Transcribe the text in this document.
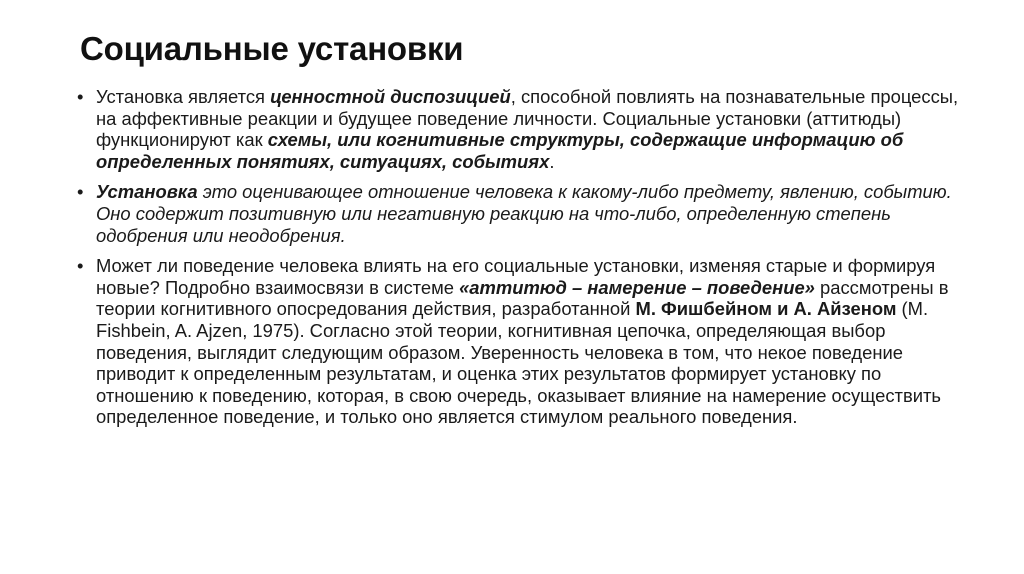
Социальные установки
• Установка является ценностной диспозицией, способной повлиять на познавательные процессы, на аффективные реакции и будущее поведение личности. Социальные установки (аттитюды) функционируют как схемы, или когнитивные структуры, содержащие информацию об определенных понятиях, ситуациях, событиях.
• Установка это оценивающее отношение человека к какому-либо предмету, явлению, событию. Оно содержит позитивную или негативную реакцию на что-либо, определенную степень одобрения или неодобрения.
• Может ли поведение человека влиять на его социальные установки, изменяя старые и формируя новые? Подробно взаимосвязи в системе «аттитюд – намерение – поведение» рассмотрены в теории когнитивного опосредования действия, разработанной М. Фишбейном и А. Айзеном (M. Fishbein, A. Ajzen, 1975). Согласно этой теории, когнитивная цепочка, определяющая выбор поведения, выглядит следующим образом. Уверенность человека в том, что некое поведение приводит к определенным результатам, и оценка этих результатов формирует установку по отношению к поведению, которая, в свою очередь, оказывает влияние на намерение осуществить определенное поведение, и только оно является стимулом реального поведения.
